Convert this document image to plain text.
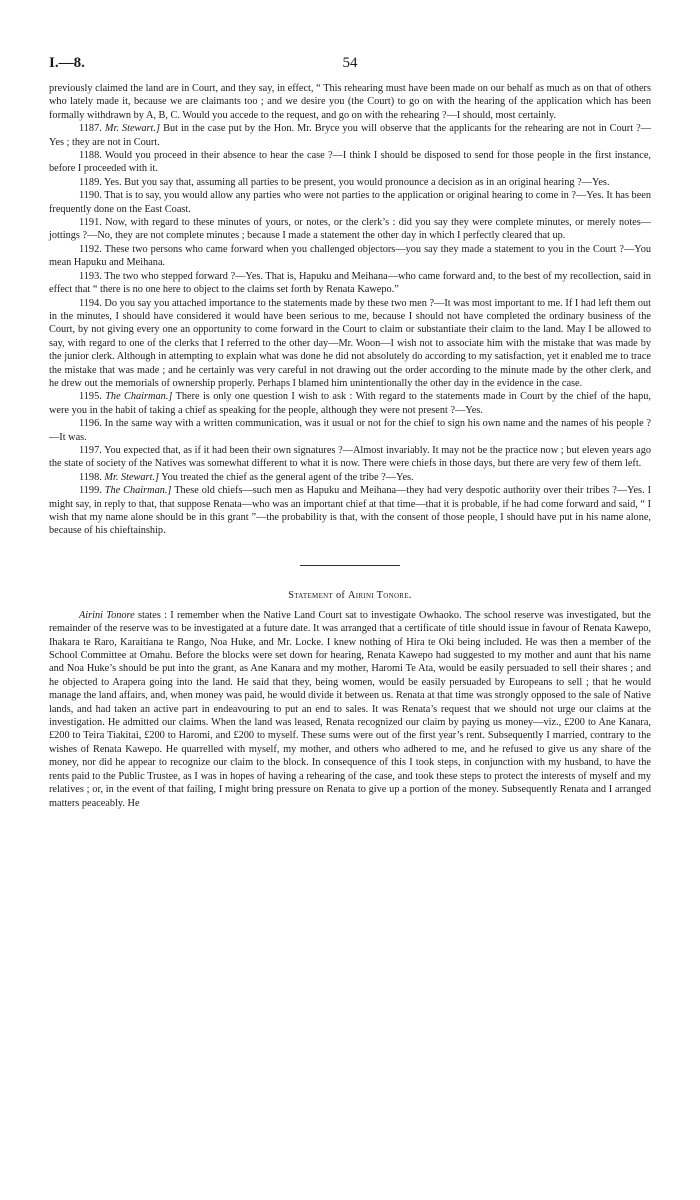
I.—8.	54

previously claimed the land are in Court, and they say, in effect, “ This rehearing must have been made on our behalf as much as on that of others who lately made it, because we are claimants too ; and we desire you (the Court) to go on with the hearing of the application which has been formally withdrawn by A, B, C. Would you accede to the request, and go on with the rehearing ?—I should, most certainly.

1187. Mr. Stewart.] But in the case put by the Hon. Mr. Bryce you will observe that the applicants for the rehearing are not in Court ?—Yes ; they are not in Court.

1188. Would you proceed in their absence to hear the case ?—I think I should be disposed to send for those people in the first instance, before I proceeded with it.

1189. Yes. But you say that, assuming all parties to be present, you would pronounce a decision as in an original hearing ?—Yes.

1190. That is to say, you would allow any parties who were not parties to the application or original hearing to come in ?—Yes. It has been frequently done on the East Coast.

1191. Now, with regard to these minutes of yours, or notes, or the clerk’s : did you say they were complete minutes, or merely notes—jottings ?—No, they are not complete minutes ; because I made a statement the other day in which I perfectly cleared that up.

1192. These two persons who came forward when you challenged objectors—you say they made a statement to you in the Court ?—You mean Hapuku and Meihana.

1193. The two who stepped forward ?—Yes. That is, Hapuku and Meihana—who came forward and, to the best of my recollection, said in effect that “ there is no one here to object to the claims set forth by Renata Kawepo.”

1194. Do you say you attached importance to the statements made by these two men ?—It was most important to me. If I had left them out in the minutes, I should have considered it would have been serious to me, because I should not have completed the ordinary business of the Court, by not giving every one an opportunity to come forward in the Court to claim or substantiate their claim to the land. May I be allowed to say, with regard to one of the clerks that I referred to the other day—Mr. Woon—I wish not to associate him with the mistake that was made by the junior clerk. Although in attempting to explain what was done he did not absolutely do according to my satisfaction, yet it enabled me to trace the mistake that was made ; and he certainly was very careful in not drawing out the order according to the minute made by the other clerk, and he drew out the memorials of ownership properly. Perhaps I blamed him unintentionally the other day in the evidence in the case.

1195. The Chairman.] There is only one question I wish to ask : With regard to the statements made in Court by the chief of the hapu, were you in the habit of taking a chief as speaking for the people, although they were not present ?—Yes.

1196. In the same way with a written communication, was it usual or not for the chief to sign his own name and the names of his people ?—It was.

1197. You expected that, as if it had been their own signatures ?—Almost invariably. It may not be the practice now ; but eleven years ago the state of society of the Natives was somewhat different to what it is now. There were chiefs in those days, but there are very few of them left.

1198. Mr. Stewart.] You treated the chief as the general agent of the tribe ?—Yes.

1199. The Chairman.] These old chiefs—such men as Hapuku and Meihana—they had very despotic authority over their tribes ?—Yes. I might say, in reply to that, that suppose Renata—who was an important chief at that time—that it is probable, if he had come forward and said, “ I wish that my name alone should be in this grant ”—the probability is that, with the consent of those people, I should have put in his name alone, because of his chieftainship.

Statement of Airini Tonore.

Airini Tonore states : I remember when the Native Land Court sat to investigate Owhaoko. The school reserve was investigated, but the remainder of the reserve was to be investigated at a future date. It was arranged that a certificate of title should issue in favour of Renata Kawepo, Ihakara te Raro, Karaitiana te Rango, Noa Huke, and Mr. Locke. I knew nothing of Hira te Oki being included. He was then a member of the School Committee at Omahu. Before the blocks were set down for hearing, Renata Kawepo had suggested to my mother and aunt that his name and Noa Huke’s should be put into the grant, as Ane Kanara and my mother, Haromi Te Ata, would be easily persuaded to sell their shares ; and he objected to Arapera going into the land. He said that they, being women, would be easily persuaded by Europeans to sell ; that he would manage the land affairs, and, when money was paid, he would divide it between us. Renata at that time was strongly opposed to the sale of Native lands, and had taken an active part in endeavouring to put an end to sales. It was Renata’s request that we should not urge our claims at the investigation. He admitted our claims. When the land was leased, Renata recognized our claim by paying us money—viz., £200 to Ane Kanara, £200 to Teira Tiakitai, £200 to Haromi, and £200 to myself. These sums were out of the first year’s rent. Subsequently I married, contrary to the wishes of Renata Kawepo. He quarrelled with myself, my mother, and others who adhered to me, and he refused to give us any share of the money, nor did he appear to recognize our claim to the block. In consequence of this I took steps, in conjunction with my husband, to have the rents paid to the Public Trustee, as I was in hopes of having a rehearing of the case, and took these steps to protect the interests of myself and my relatives ; or, in the event of that failing, I might bring pressure on Renata to give up a portion of the money. Subsequently Renata and I arranged matters peaceably. He
